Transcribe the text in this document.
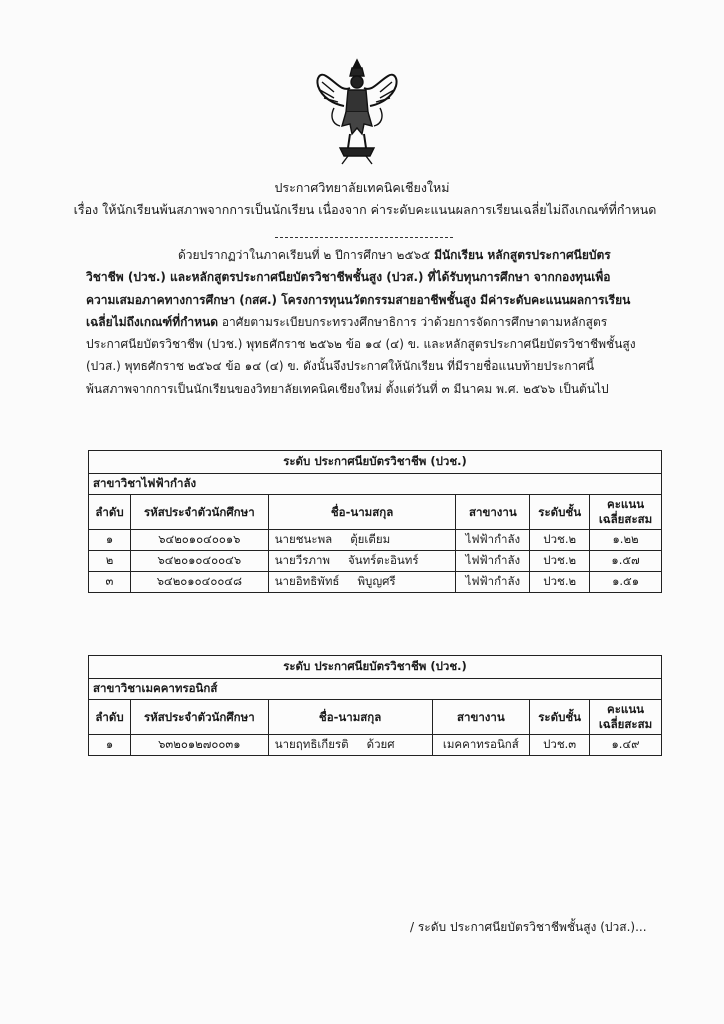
ประกาศวิทยาลัยเทคนิคเชียงใหม่
เรื่อง ให้นักเรียนพ้นสภาพจากการเป็นนักเรียน เนื่องจาก ค่าระดับคะแนนผลการเรียนเฉลี่ยไม่ถึงเกณฑ์ที่กำหนด
ด้วยปรากฏว่าในภาคเรียนที่ ๒ ปีการศึกษา ๒๕๖๕ มีนักเรียน หลักสูตรประกาศนียบัตร
วิชาชีพ (ปวช.) และหลักสูตรประกาศนียบัตรวิชาชีพชั้นสูง (ปวส.) ที่ได้รับทุนการศึกษา จากกองทุนเพื่อ
ความเสมอภาคทางการศึกษา (กสศ.) โครงการทุนนวัตกรรมสายอาชีพชั้นสูง มีค่าระดับคะแนนผลการเรียน
เฉลี่ยไม่ถึงเกณฑ์ที่กำหนด อาศัยตามระเบียบกระทรวงศึกษาธิการ ว่าด้วยการจัดการศึกษาตามหลักสูตร
ประกาศนียบัตรวิชาชีพ (ปวช.) พุทธศักราช ๒๕๖๒ ข้อ ๑๔ (๔) ข. และหลักสูตรประกาศนียบัตรวิชาชีพชั้นสูง
(ปวส.) พุทธศักราช ๒๕๖๔ ข้อ ๑๔ (๔) ข. ดังนั้นจึงประกาศให้นักเรียน ที่มีรายชื่อแนบท้ายประกาศนี้
พ้นสภาพจากการเป็นนักเรียนของวิทยาลัยเทคนิคเชียงใหม่ ตั้งแต่วันที่ ๓ มีนาคม พ.ศ. ๒๕๖๖ เป็นต้นไป
ระดับ ประกาศนียบัตรวิชาชีพ (ปวช.)					
สาขาวิชาไฟฟ้ากำลัง					
ลำดับ	รหัสประจำตัวนักศึกษา	ชื่อ-นามสกุล	สาขางาน	ระดับชั้น	คะแนน
เฉลี่ยสะสม
๑	๖๔๒๐๑๐๔๐๐๑๖	นายชนะพล ตุ้ยเตียม	ไฟฟ้ากำลัง	ปวช.๒	๑.๒๒
๒	๖๔๒๐๑๐๔๐๐๔๖	นายวีรภาพ จันทร์ตะอินทร์	ไฟฟ้ากำลัง	ปวช.๒	๑.๕๗
๓	๖๔๒๐๑๐๔๐๐๔๘	นายอิทธิพัทธ์ พิบูญศรี	ไฟฟ้ากำลัง	ปวช.๒	๑.๕๑
ระดับ ประกาศนียบัตรวิชาชีพ (ปวช.)					
สาขาวิชาเมคคาทรอนิกส์					
ลำดับ	รหัสประจำตัวนักศึกษา	ชื่อ-นามสกุล	สาขางาน	ระดับชั้น	คะแนน
เฉลี่ยสะสม
๑	๖๓๒๐๑๒๗๐๐๓๑	นายฤทธิเกียรติ ด้วยศ	เมคคาทรอนิกส์	ปวช.๓	๑.๔๙
/ ระดับ ประกาศนียบัตรวิชาชีพชั้นสูง (ปวส.)...
